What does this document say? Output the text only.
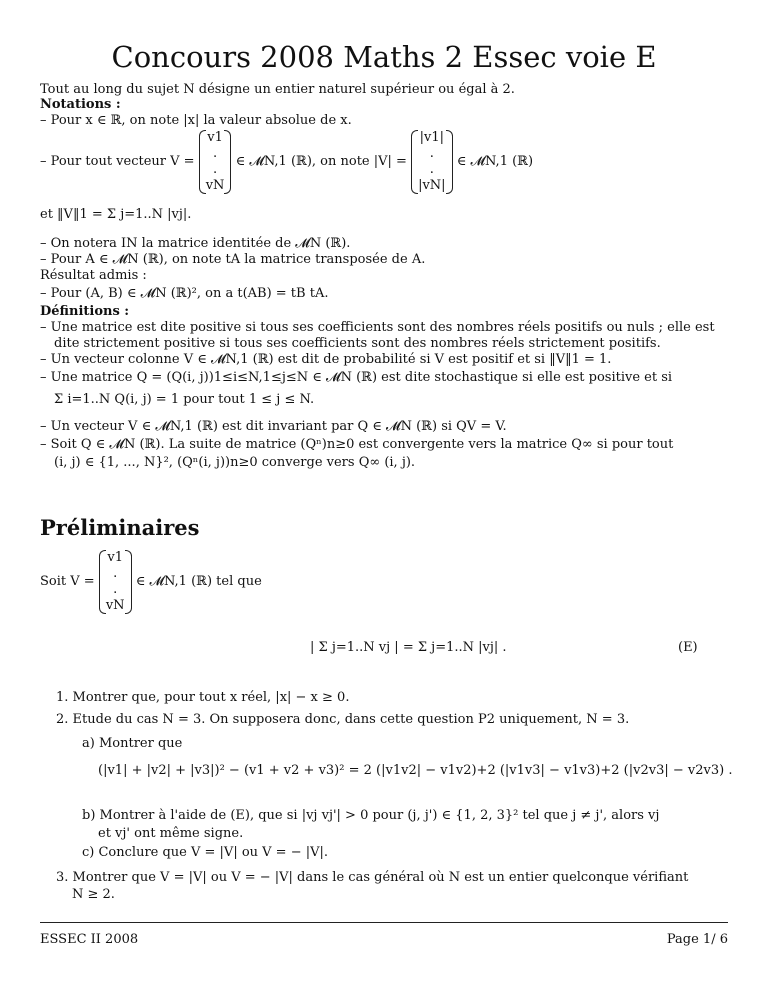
Concours 2008 Maths 2 Essec voie E
Tout au long du sujet N désigne un entier naturel supérieur ou égal à 2.
Notations :
– Pour x ∈ ℝ, on note |x| la valeur absolue de x.
– Pour tout vecteur V =
v1
.
.
vN
∈ 𝓜N,1 (ℝ), on note |V| =
|v1|
.
.
|vN|
∈ 𝓜N,1 (ℝ)
et ‖V‖1 = Σ j=1..N |vj|.
– On notera IN la matrice identitée de 𝓜N (ℝ).
– Pour A ∈ 𝓜N (ℝ), on note tA la matrice transposée de A.
Résultat admis :
– Pour (A, B) ∈ 𝓜N (ℝ)², on a t(AB) = tB tA.
Définitions :
– Une matrice est dite positive si tous ses coefficients sont des nombres réels positifs ou nuls ; elle est
dite strictement positive si tous ses coefficients sont des nombres réels strictement positifs.
– Un vecteur colonne V ∈ 𝓜N,1 (ℝ) est dit de probabilité si V est positif et si ‖V‖1 = 1.
– Une matrice Q = (Q(i, j))1≤i≤N,1≤j≤N ∈ 𝓜N (ℝ) est dite stochastique si elle est positive et si
Σ i=1..N Q(i, j) = 1 pour tout 1 ≤ j ≤ N.
– Un vecteur V ∈ 𝓜N,1 (ℝ) est dit invariant par Q ∈ 𝓜N (ℝ) si QV = V.
– Soit Q ∈ 𝓜N (ℝ). La suite de matrice (Qⁿ)n≥0 est convergente vers la matrice Q∞ si pour tout
(i, j) ∈ {1, ..., N}², (Qⁿ(i, j))n≥0 converge vers Q∞ (i, j).
Préliminaires
Soit V =
v1
.
.
vN
∈ 𝓜N,1 (ℝ) tel que
| Σ j=1..N vj | = Σ j=1..N |vj| .	(E)
1. Montrer que, pour tout x réel, |x| − x ≥ 0.
2. Etude du cas N = 3. On supposera donc, dans cette question P2 uniquement, N = 3.
a) Montrer que
(|v1| + |v2| + |v3|)² − (v1 + v2 + v3)² = 2 (|v1v2| − v1v2)+2 (|v1v3| − v1v3)+2 (|v2v3| − v2v3) .
b) Montrer à l'aide de (E), que si |vj vj'| > 0 pour (j, j') ∈ {1, 2, 3}² tel que j ≠ j', alors vj
et vj' ont même signe.
c) Conclure que V = |V| ou V = − |V|.
3. Montrer que V = |V| ou V = − |V| dans le cas général où N est un entier quelconque vérifiant
N ≥ 2.
ESSEC II 2008	Page 1/ 6
